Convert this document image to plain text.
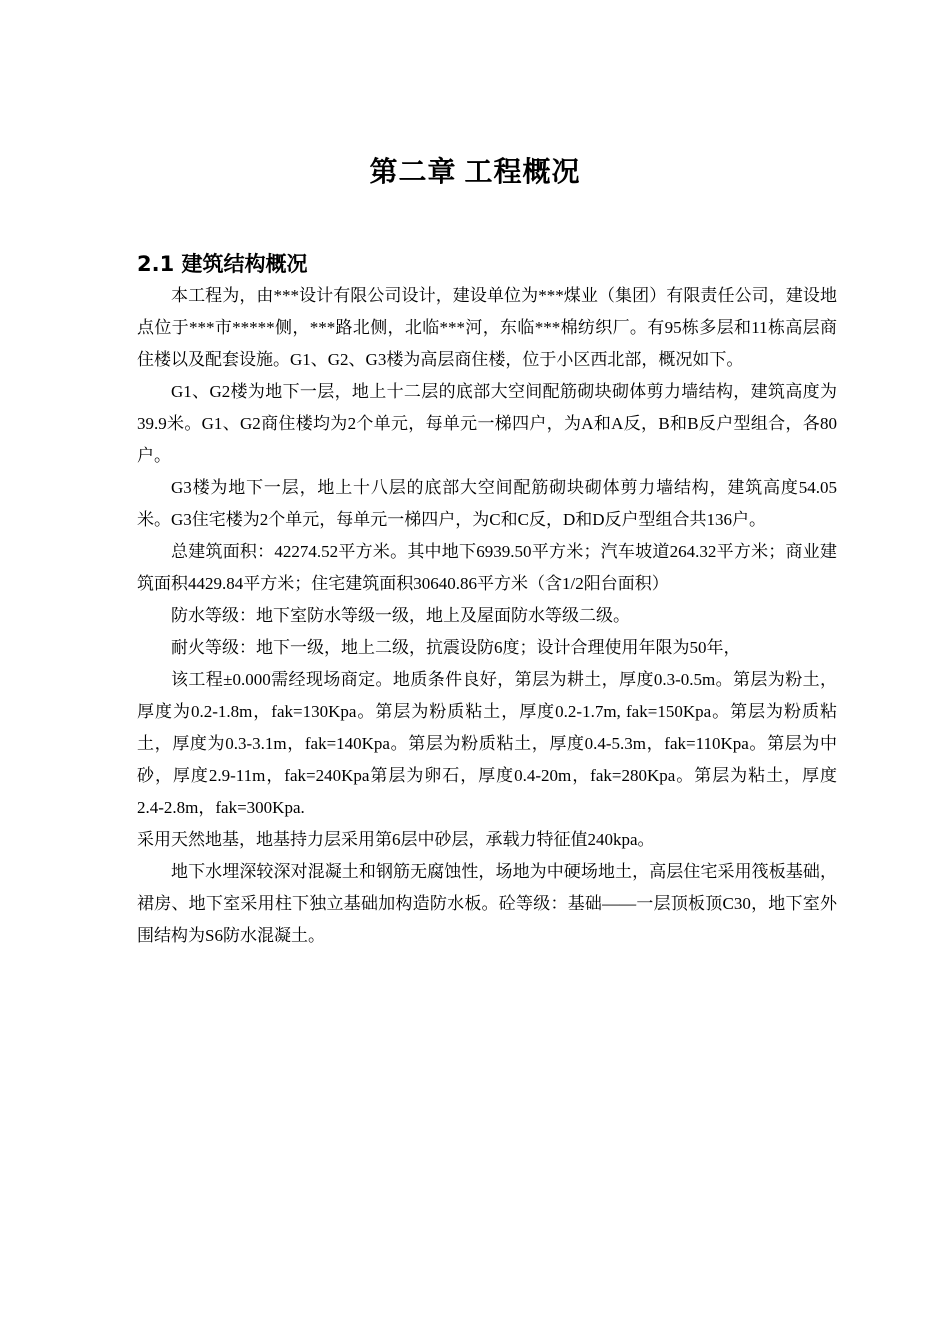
第二章 工程概况
2.1 建筑结构概况

本工程为，由***设计有限公司设计，建设单位为***煤业（集团）有限责任公司，建设地点位于***市*****侧，***路北侧，北临***河，东临***棉纺织厂。有95栋多层和11栋高层商住楼以及配套设施。G1、G2、G3楼为高层商住楼，位于小区西北部，概况如下。

G1、G2楼为地下一层，地上十二层的底部大空间配筋砌块砌体剪力墙结构，建筑高度为39.9米。G1、G2商住楼均为2个单元，每单元一梯四户，为A和A反，B和B反户型组合，各80户。

G3楼为地下一层，地上十八层的底部大空间配筋砌块砌体剪力墙结构，建筑高度54.05米。G3住宅楼为2个单元，每单元一梯四户，为C和C反，D和D反户型组合共136户。

总建筑面积：42274.52平方米。其中地下6939.50平方米；汽车坡道264.32平方米；商业建筑面积4429.84平方米；住宅建筑面积30640.86平方米（含1/2阳台面积）

防水等级：地下室防水等级一级，地上及屋面防水等级二级。

耐火等级：地下一级，地上二级，抗震设防6度；设计合理使用年限为50年，

该工程±0.000需经现场商定。地质条件良好，第层为耕土，厚度0.3-0.5m。第层为粉土，厚度为0.2-1.8m，fak=130Kpa。第层为粉质粘土，厚度0.2-1.7m, fak=150Kpa。第层为粉质粘土，厚度为0.3-3.1m，fak=140Kpa。第层为粉质粘土，厚度0.4-5.3m，fak=110Kpa。第层为中砂，厚度2.9-11m，fak=240Kpa第层为卵石，厚度0.4-20m，fak=280Kpa。第层为粘土，厚度2.4-2.8m，fak=300Kpa.

采用天然地基，地基持力层采用第6层中砂层，承载力特征值240kpa。

地下水埋深较深对混凝土和钢筋无腐蚀性，场地为中硬场地土，高层住宅采用筏板基础，裙房、地下室采用柱下独立基础加构造防水板。砼等级：基础——一层顶板顶C30，地下室外围结构为S6防水混凝土。
